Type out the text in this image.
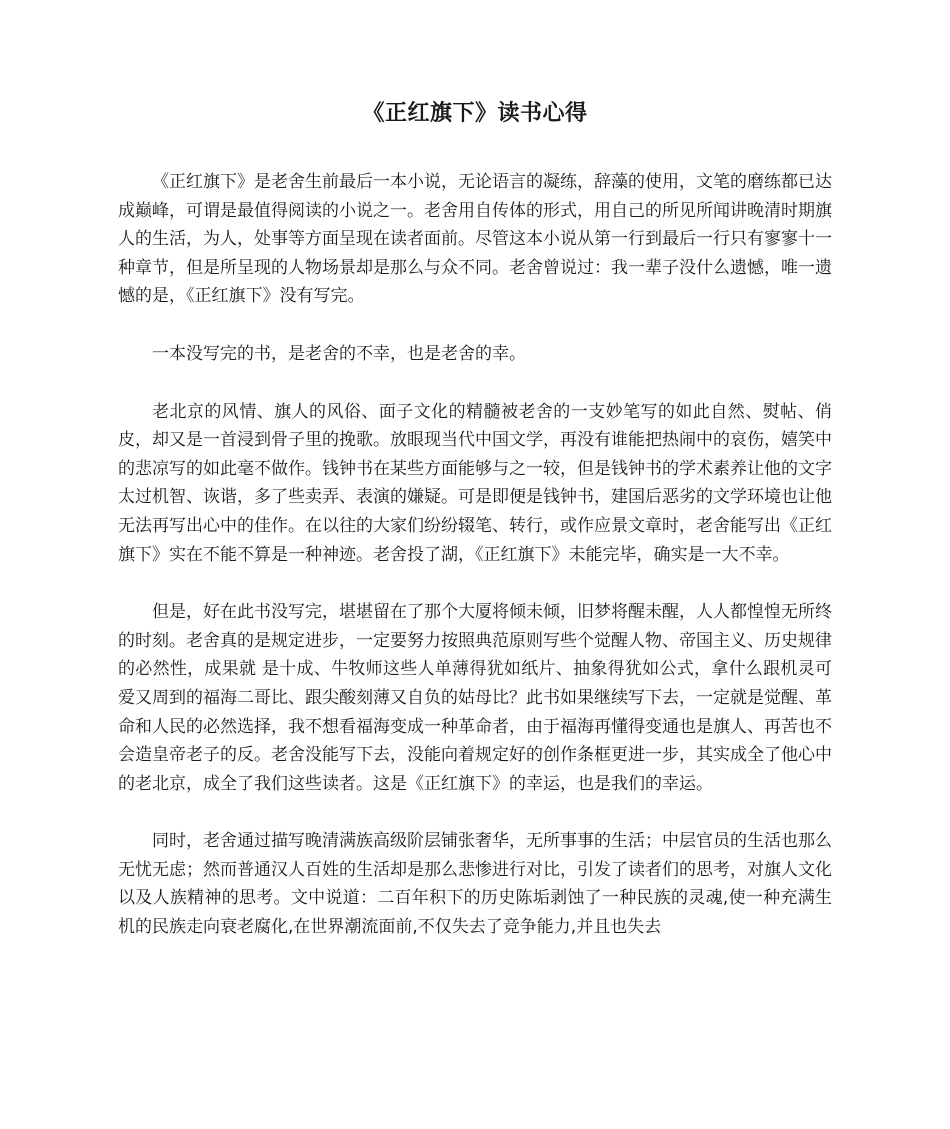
《正红旗下》读书心得

《正红旗下》是老舍生前最后一本小说，无论语言的凝练，辞藻的使用，文笔的磨练都已达成巅峰，可谓是最值得阅读的小说之一。老舍用自传体的形式，用自己的所见所闻讲晚清时期旗人的生活，为人，处事等方面呈现在读者面前。尽管这本小说从第一行到最后一行只有寥寥十一种章节，但是所呈现的人物场景却是那么与众不同。老舍曾说过：我一辈子没什么遗憾，唯一遗憾的是，《正红旗下》没有写完。

一本没写完的书，是老舍的不幸，也是老舍的幸。

老北京的风情、旗人的风俗、面子文化的精髓被老舍的一支妙笔写的如此自然、熨帖、俏皮，却又是一首浸到骨子里的挽歌。放眼现当代中国文学，再没有谁能把热闹中的哀伤，嬉笑中的悲凉写的如此毫不做作。钱钟书在某些方面能够与之一较，但是钱钟书的学术素养让他的文字太过机智、诙谐，多了些卖弄、表演的嫌疑。可是即便是钱钟书，建国后恶劣的文学环境也让他无法再写出心中的佳作。在以往的大家们纷纷辍笔、转行，或作应景文章时，老舍能写出《正红旗下》实在不能不算是一种神迹。老舍投了湖，《正红旗下》未能完毕，确实是一大不幸。

但是，好在此书没写完，堪堪留在了那个大厦将倾未倾，旧梦将醒未醒，人人都惶惶无所终的时刻。老舍真的是规定进步，一定要努力按照典范原则写些个觉醒人物、帝国主义、历史规律的必然性，成果就 是十成、牛牧师这些人单薄得犹如纸片、抽象得犹如公式，拿什么跟机灵可爱又周到的福海二哥比、跟尖酸刻薄又自负的姑母比？此书如果继续写下去，一定就是觉醒、革命和人民的必然选择，我不想看福海变成一种革命者，由于福海再懂得变通也是旗人、再苦也不会造皇帝老子的反。老舍没能写下去，没能向着规定好的创作条框更进一步，其实成全了他心中的老北京，成全了我们这些读者。这是《正红旗下》的幸运，也是我们的幸运。

同时，老舍通过描写晚清满族高级阶层铺张奢华，无所事事的生活；中层官员的生活也那么无忧无虑；然而普通汉人百姓的生活却是那么悲惨进行对比，引发了读者们的思考，对旗人文化以及人族精神的思考。文中说道：二百年积下的历史陈垢剥蚀了一种民族的灵魂,使一种充满生机的民族走向衰老腐化,在世界潮流面前,不仅失去了竞争能力,并且也失去
